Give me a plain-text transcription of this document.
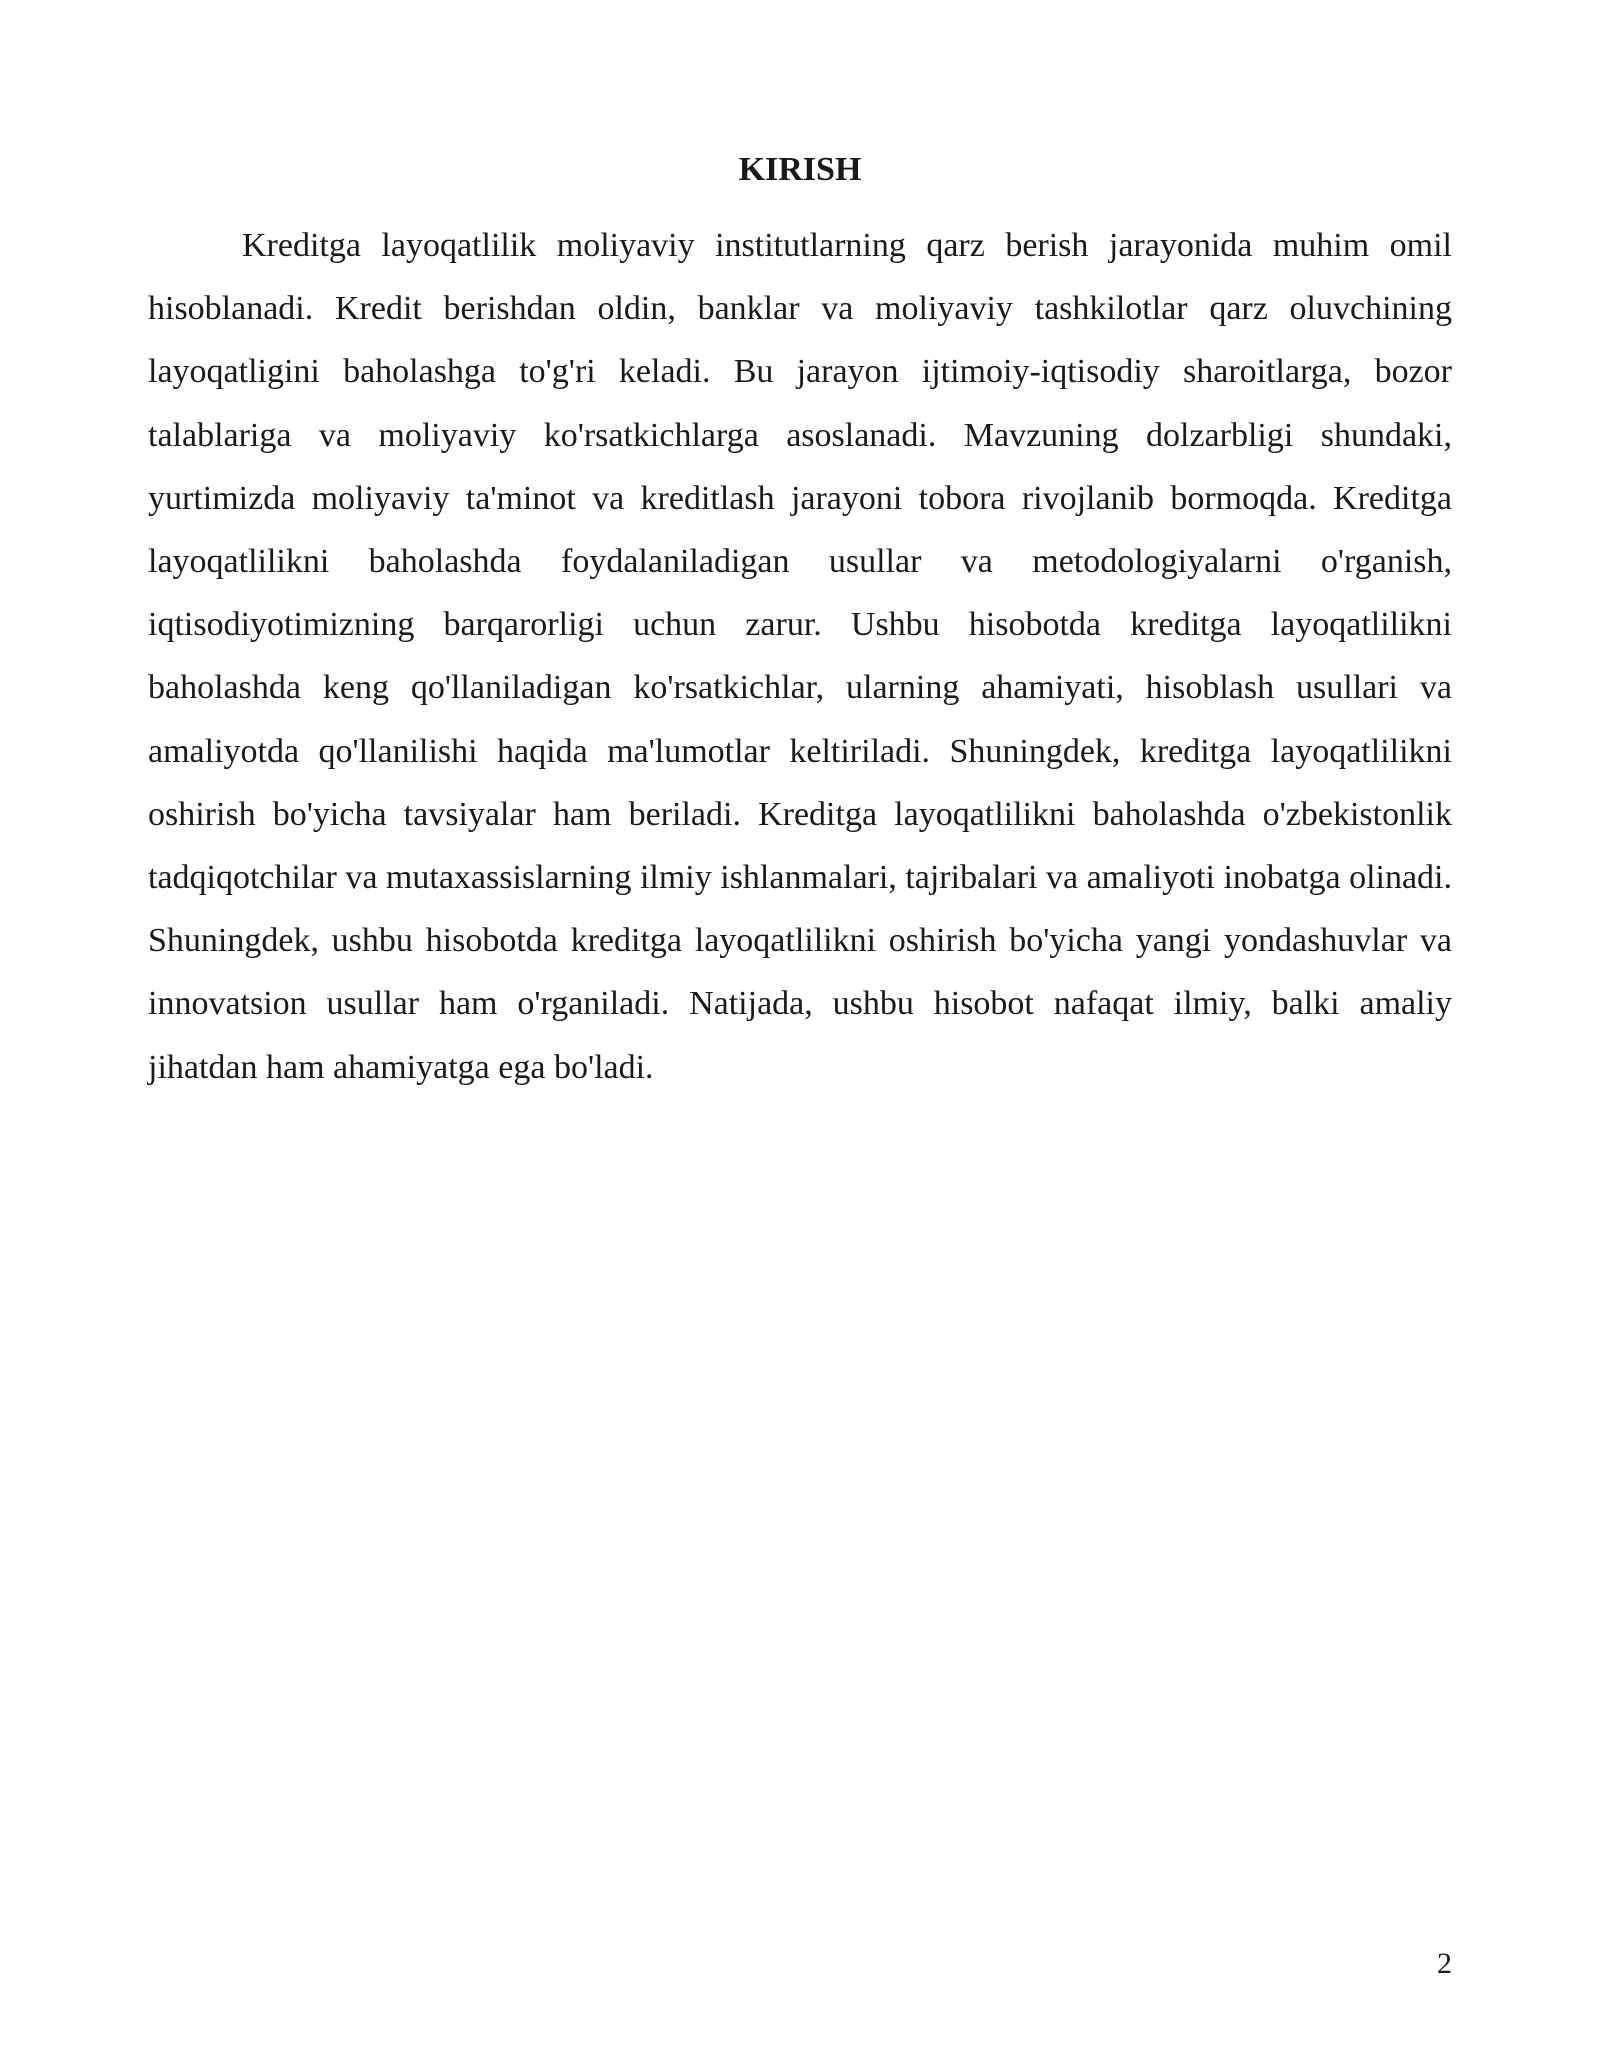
KIRISH

Kreditga layoqatlilik moliyaviy institutlarning qarz berish jarayonida muhim omil hisoblanadi. Kredit berishdan oldin, banklar va moliyaviy tashkilotlar qarz oluvchining layoqatligini baholashga to'g'ri keladi. Bu jarayon ijtimoiy-iqtisodiy sharoitlarga, bozor talablariga va moliyaviy ko'rsatkichlarga asoslanadi. Mavzuning dolzarbligi shundaki, yurtimizda moliyaviy ta'minot va kreditlash jarayoni tobora rivojlanib bormoqda. Kreditga layoqatlilikni baholashda foydalaniladigan usullar va metodologiyalarni o'rganish, iqtisodiyotimizning barqarorligi uchun zarur. Ushbu hisobotda kreditga layoqatlilikni baholashda keng qo'llaniladigan ko'rsatkichlar, ularning ahamiyati, hisoblash usullari va amaliyotda qo'llanilishi haqida ma'lumotlar keltiriladi. Shuningdek, kreditga layoqatlilikni oshirish bo'yicha tavsiyalar ham beriladi. Kreditga layoqatlilikni baholashda o'zbekistonlik tadqiqotchilar va mutaxassislarning ilmiy ishlanmalari, tajribalari va amaliyoti inobatga olinadi. Shuningdek, ushbu hisobotda kreditga layoqatlilikni oshirish bo'yicha yangi yondashuvlar va innovatsion usullar ham o'rganiladi. Natijada, ushbu hisobot nafaqat ilmiy, balki amaliy jihatdan ham ahamiyatga ega bo'ladi.

2
